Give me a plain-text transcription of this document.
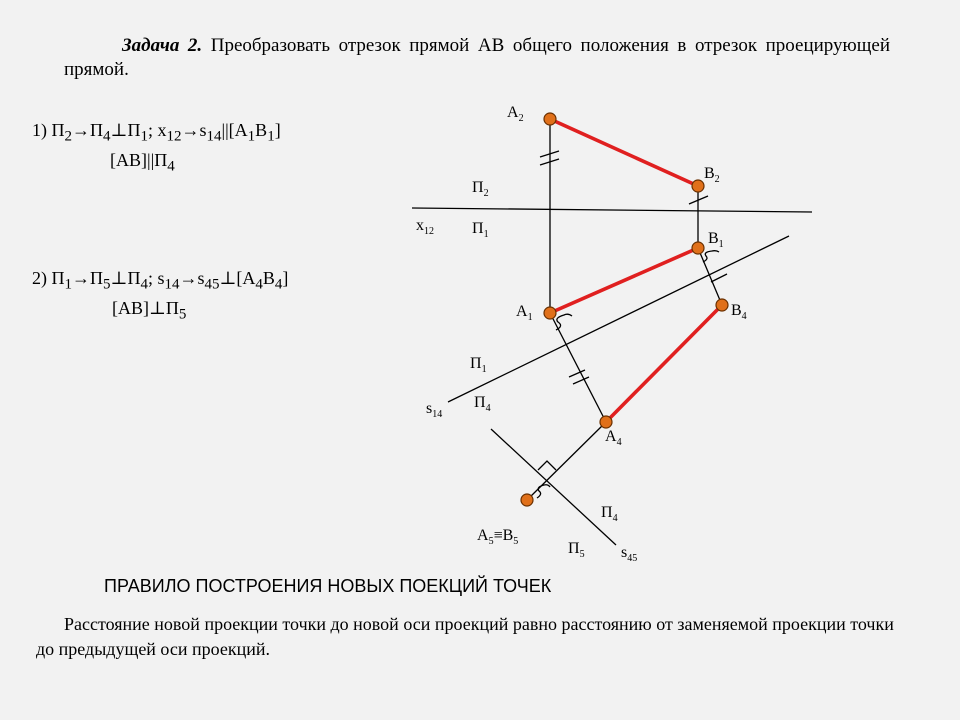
Задача 2. Преобразовать отрезок прямой АВ общего положения в отрезок проецирующей прямой.
1) $П_2\to П_4\perp П_1$; $x_{12}\to s_{14}||[А_1В_1]$
$[AB]||П_4$
2) $П_1\to П_5\perp П_4$; $s_{14}\to s_{45}\perp[А_4В_4]$
$[AB]\perp П_5$
$А_2$
$B_2$
$П_2$
$x_{12}$ $П_1$	$B_1$
$A_1$	$B_4$
$П_1$
$s_{14}$
$П_4$
$A_4$
$П_4$
$А_5\equiv В_5$	$П_5$ $s_{45}$
ПРАВИЛО ПОСТРОЕНИЯ НОВЫХ ПОЕКЦИЙ ТОЧЕК
Расстояние новой проекции точки до новой оси проекций равно расстоянию от заменяемой проекции точки до предыдущей оси проекций.
